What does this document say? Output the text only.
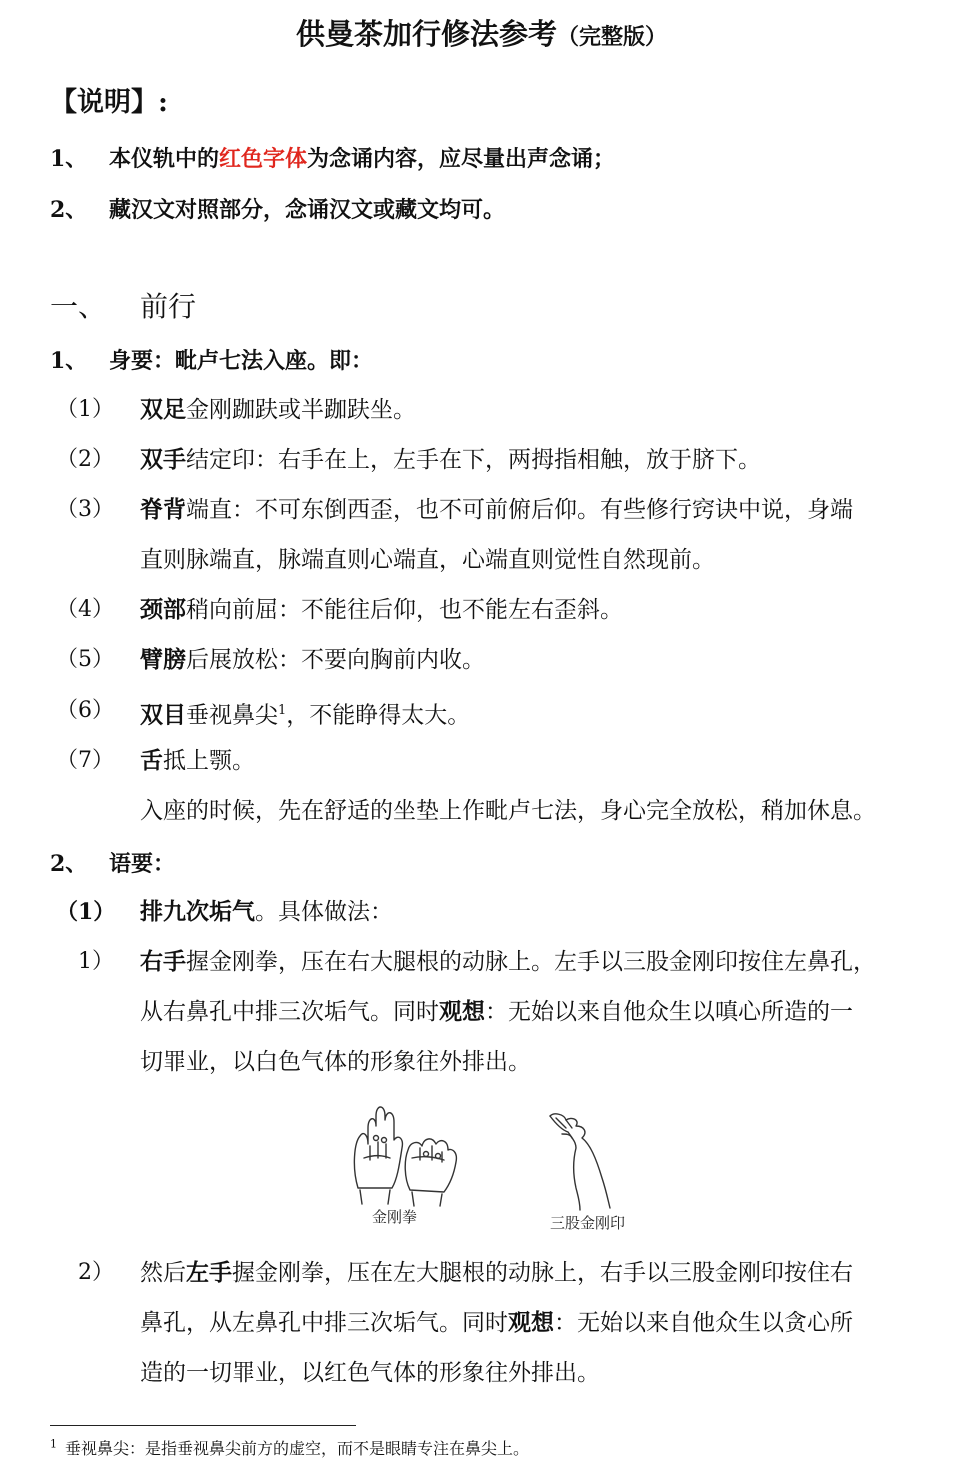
供曼茶加行修法参考（完整版）
【说明】:
1、 本仪轨中的红色字体为念诵内容，应尽量出声念诵；
2、 藏汉文对照部分，念诵汉文或藏文均可。
一、 前行
1、 身要：毗卢七法入座。即：
（1） 双足金刚跏趺或半跏趺坐。
（2） 双手结定印：右手在上，左手在下，两拇指相触，放于脐下。
（3） 脊背端直：不可东倒西歪，也不可前俯后仰。有些修行窍诀中说，身端
直则脉端直，脉端直则心端直，心端直则觉性自然现前。
（4） 颈部稍向前屈：不能往后仰，也不能左右歪斜。
（5） 臂膀后展放松：不要向胸前内收。
（6） 双目垂视鼻尖$^1$，不能睁得太大。
（7） 舌抵上颚。
入座的时候，先在舒适的坐垫上作毗卢七法，身心完全放松，稍加休息。
2、 语要：
（1） 排九次垢气。具体做法：
1） 右手握金刚拳，压在右大腿根的动脉上。左手以三股金刚印按住左鼻孔，
从右鼻孔中排三次垢气。同时观想：无始以来自他众生以嗔心所造的一
切罪业，以白色气体的形象往外排出。
金刚拳	三股金刚印
2） 然后左手握金刚拳，压在左大腿根的动脉上，右手以三股金刚印按住右
鼻孔，从左鼻孔中排三次垢气。同时观想：无始以来自他众生以贪心所
造的一切罪业，以红色气体的形象往外排出。
$^1$ 垂视鼻尖：是指垂视鼻尖前方的虚空，而不是眼睛专注在鼻尖上。
